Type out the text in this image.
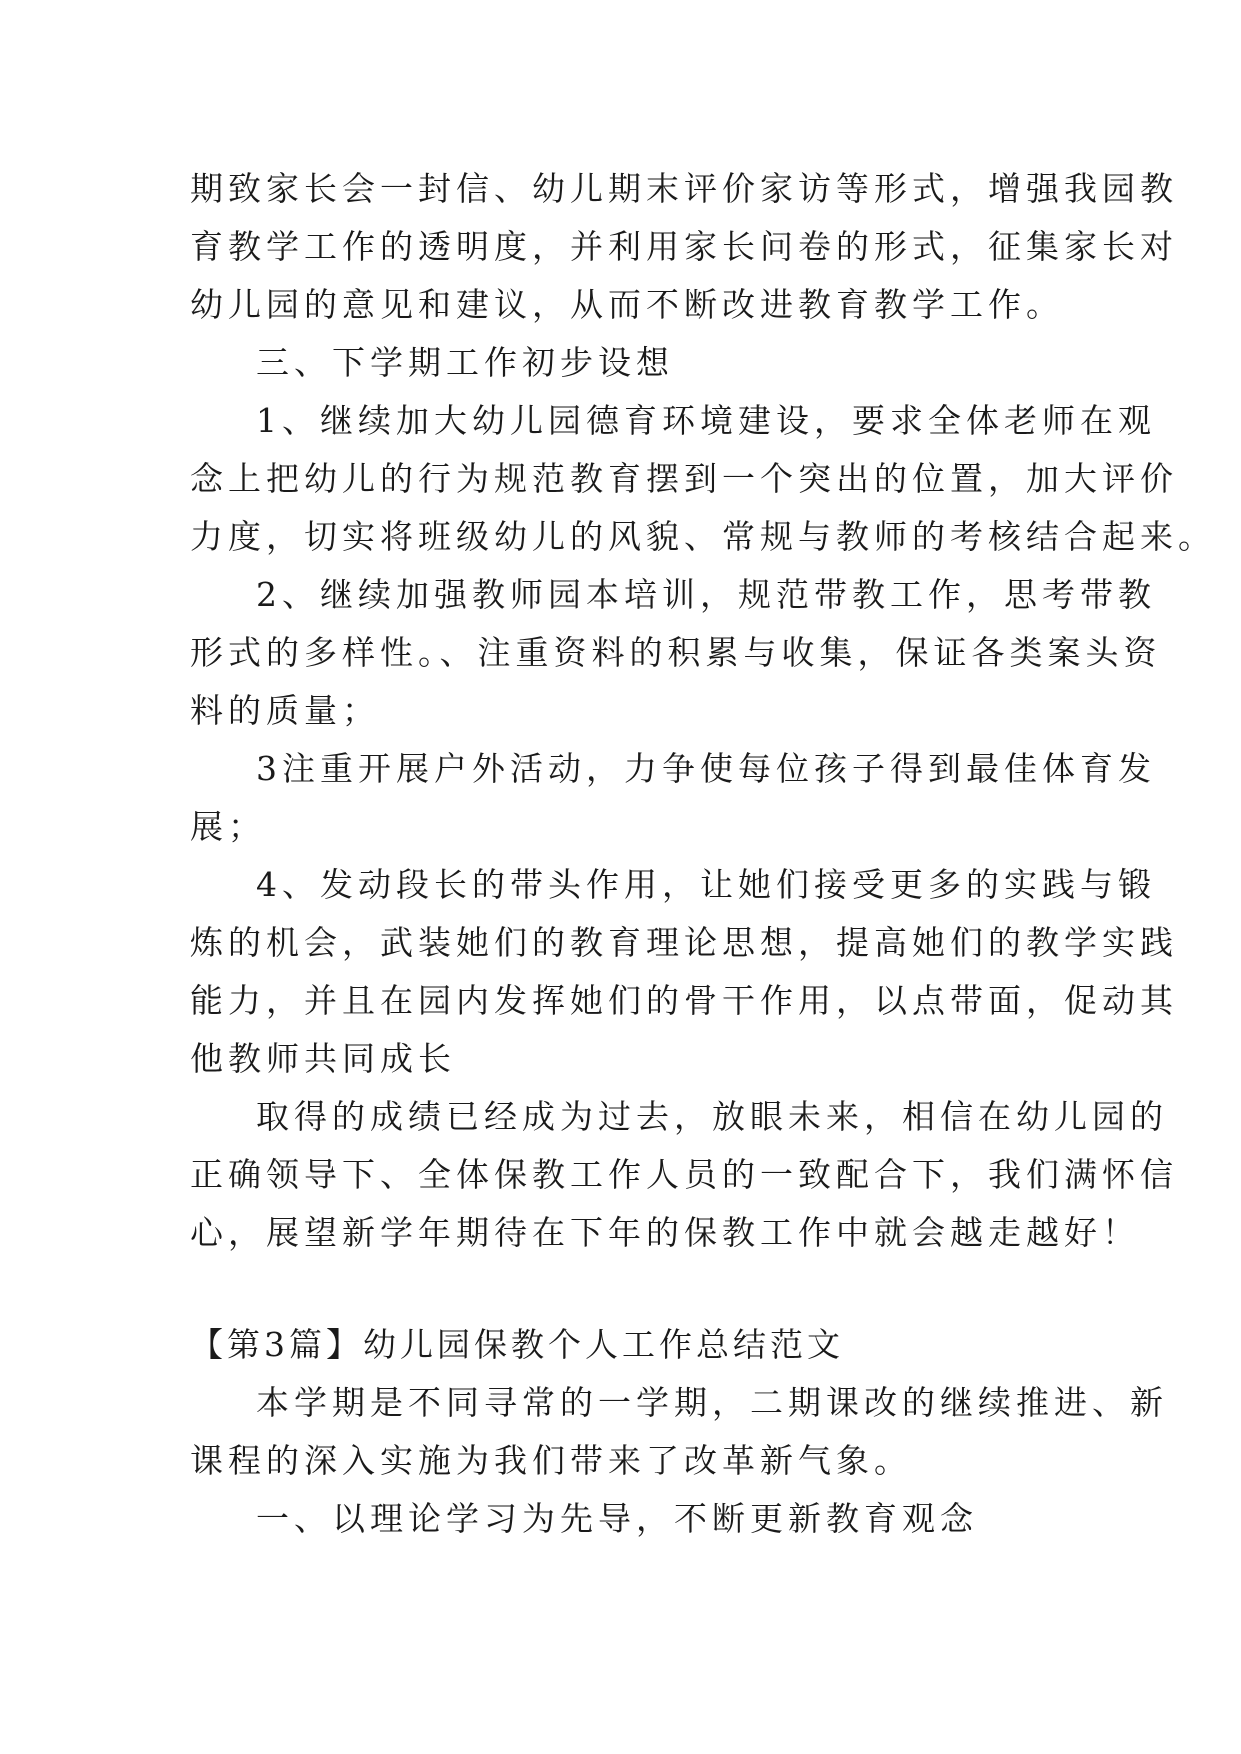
期致家长会一封信、幼儿期末评价家访等形式，增强我园教
育教学工作的透明度，并利用家长问卷的形式，征集家长对
幼儿园的意见和建议，从而不断改进教育教学工作。
三、下学期工作初步设想
1、继续加大幼儿园德育环境建设，要求全体老师在观
念上把幼儿的行为规范教育摆到一个突出的位置，加大评价
力度，切实将班级幼儿的风貌、常规与教师的考核结合起来。
2、继续加强教师园本培训，规范带教工作，思考带教
形式的多样性。、注重资料的积累与收集，保证各类案头资
料的质量；
3注重开展户外活动，力争使每位孩子得到最佳体育发
展；
4、发动段长的带头作用，让她们接受更多的实践与锻
炼的机会，武装她们的教育理论思想，提高她们的教学实践
能力，并且在园内发挥她们的骨干作用，以点带面，促动其
他教师共同成长
取得的成绩已经成为过去，放眼未来，相信在幼儿园的
正确领导下、全体保教工作人员的一致配合下，我们满怀信
心，展望新学年期待在下年的保教工作中就会越走越好！
【第3篇】幼儿园保教个人工作总结范文
本学期是不同寻常的一学期，二期课改的继续推进、新
课程的深入实施为我们带来了改革新气象。
一、以理论学习为先导，不断更新教育观念
